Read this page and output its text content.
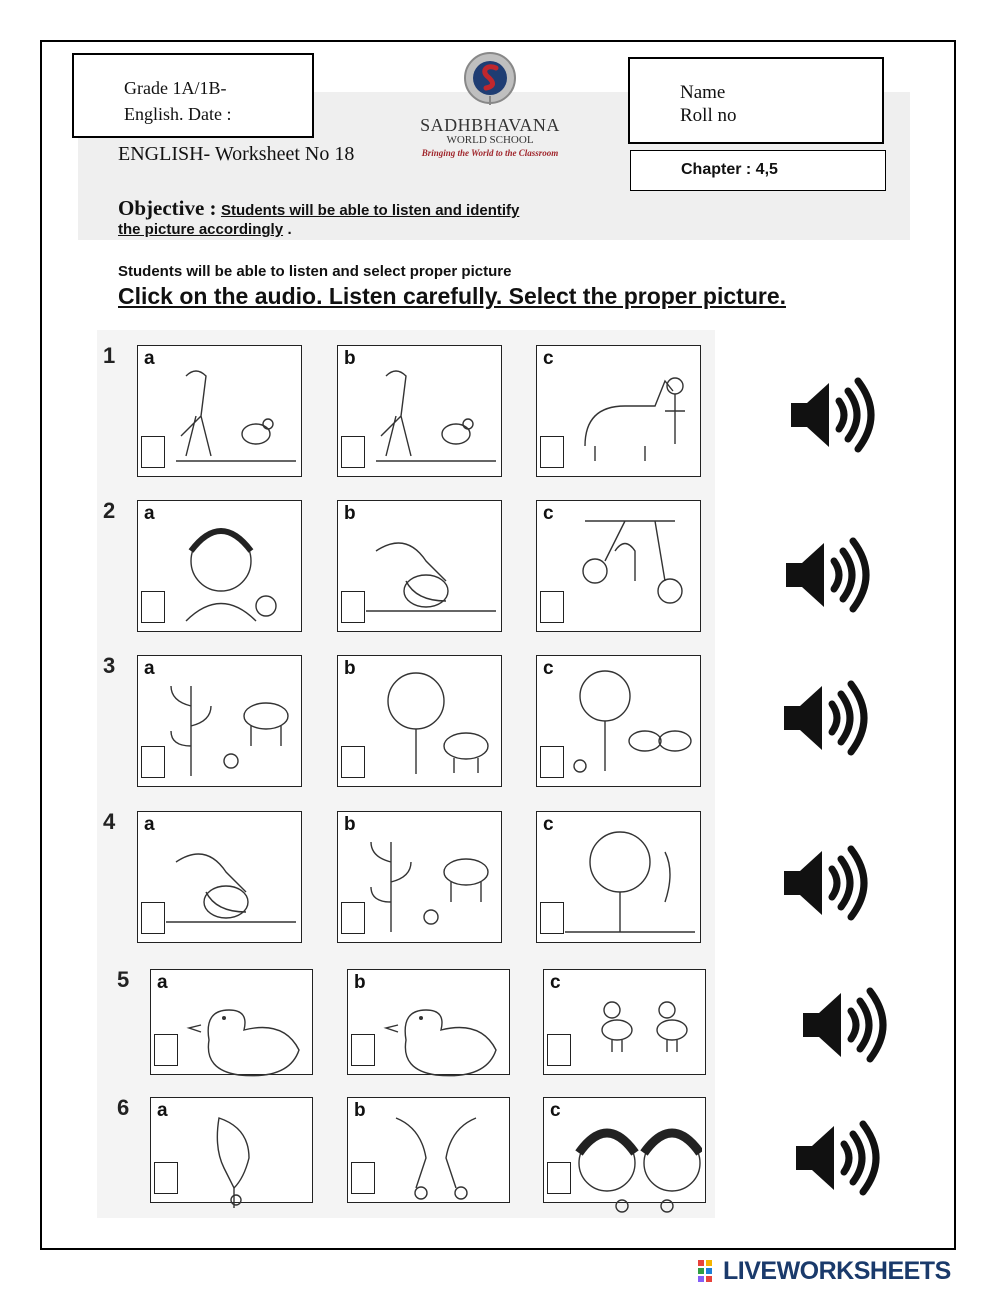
Grade 1A/1B-
English. Date :
SADHBHAVANA
WORLD SCHOOL
Bringing the World to the Classroom
Name
Roll no
Chapter : 4,5
ENGLISH- Worksheet No 18
Objective : Students will be able to listen and identify the picture accordingly .
Students will be able to listen and select proper picture
Click on the audio. Listen carefully. Select the proper picture.
1 a	b	c
2 a	b	c
3 a	b	c
4 a	b	c
5 a	b	c
6 a	b	c
LIVEWORKSHEETS
